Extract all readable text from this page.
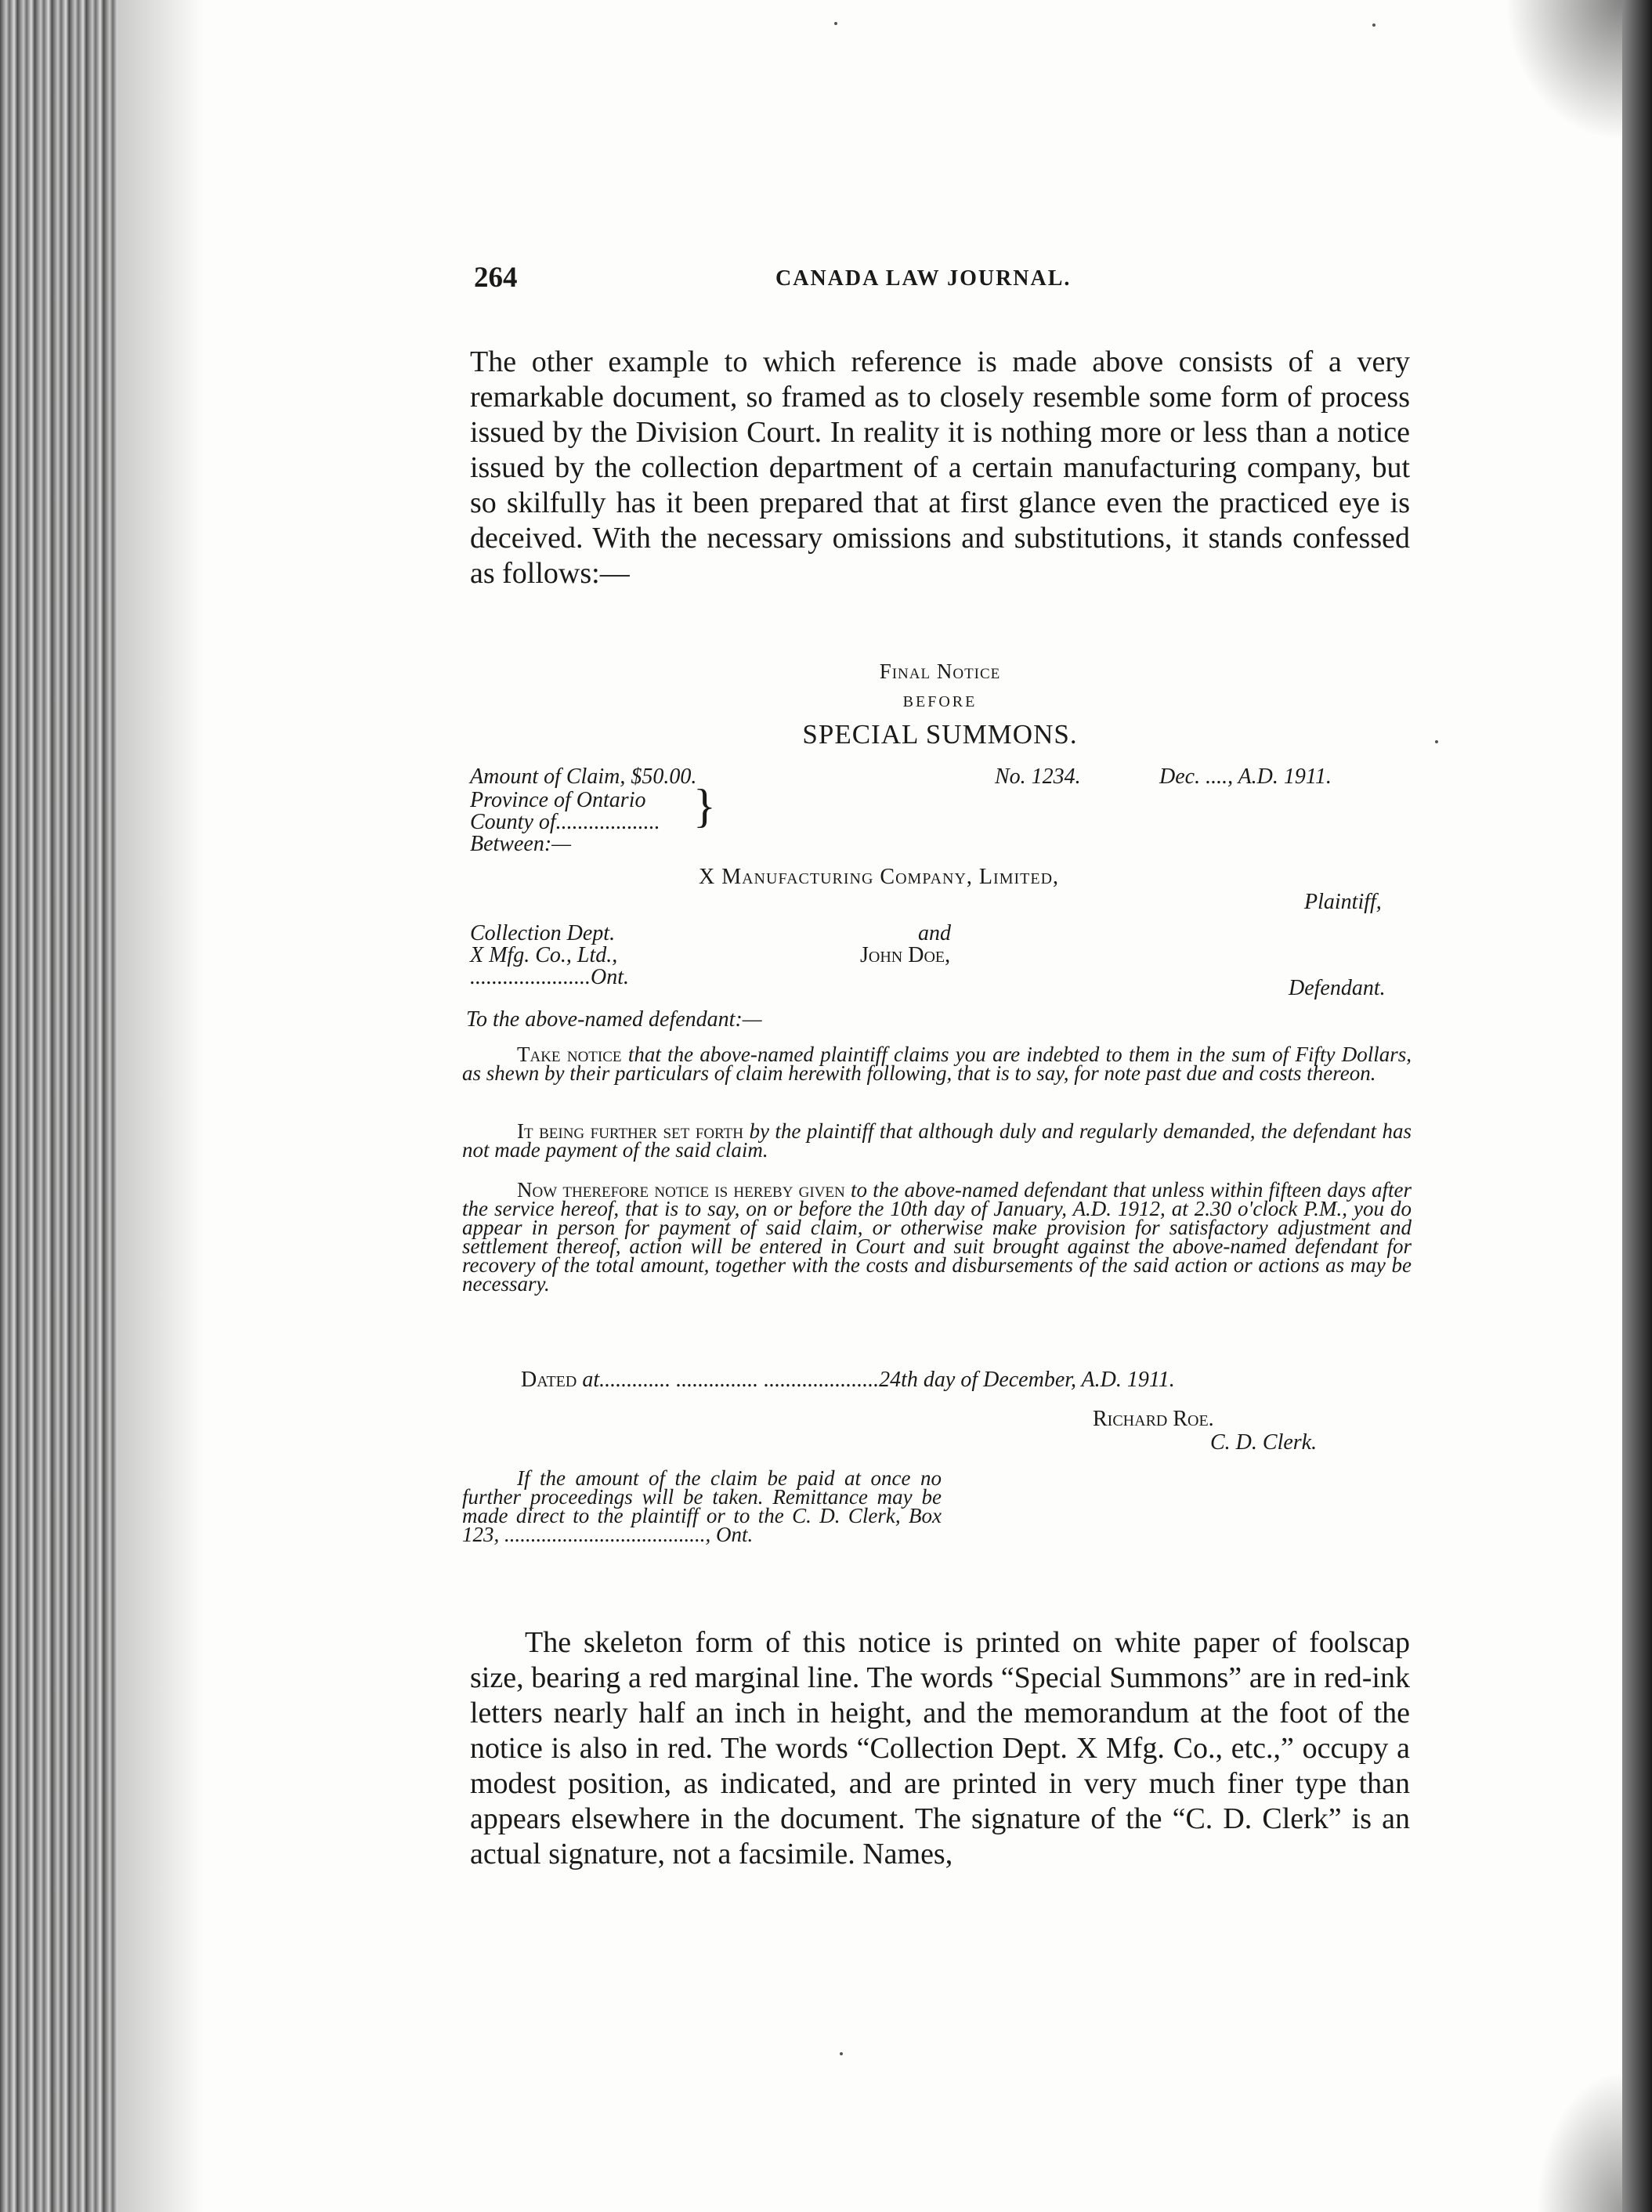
264	CANADA LAW JOURNAL.

The other example to which reference is made above consists of a very remarkable document, so framed as to closely resemble some form of process issued by the Division Court. In reality it is nothing more or less than a notice issued by the collection department of a certain manufacturing company, but so skilfully has it been prepared that at first glance even the practiced eye is deceived. With the necessary omissions and substitutions, it stands confessed as follows:—

Final Notice
BEFORE
SPECIAL SUMMONS.

Amount of Claim, $50.00.	No. 1234.	Dec. ...., A.D. 1911.

Province of Ontario

County of................... }

Between:—

X Manufacturing Company, Limited,

Plaintiff,

Collection Dept.	and

X Mfg. Co., Ltd.,	John Doe,

......................Ont.	Defendant.

To the above-named defendant:—

Take notice that the above-named plaintiff claims you are indebted to them in the sum of Fifty Dollars, as shewn by their particulars of claim herewith following, that is to say, for note past due and costs thereon.

It being further set forth by the plaintiff that although duly and regularly demanded, the defendant has not made payment of the said claim.

Now therefore notice is hereby given to the above-named defendant that unless within fifteen days after the service hereof, that is to say, on or before the 10th day of January, A.D. 1912, at 2.30 o'clock P.M., you do appear in person for payment of said claim, or otherwise make provision for satisfactory adjustment and settlement thereof, action will be entered in Court and suit brought against the above-named defendant for recovery of the total amount, together with the costs and disbursements of the said action or actions as may be necessary.

Dated at............. ............... .....................24th day of December, A.D. 1911.

Richard Roe.

C. D. Clerk.

If the amount of the claim be paid at once no further proceedings will be taken. Remittance may be made direct to the plaintiff or to the C. D. Clerk, Box 123, ......................................, Ont.

The skeleton form of this notice is printed on white paper of foolscap size, bearing a red marginal line. The words “Special Summons” are in red-ink letters nearly half an inch in height, and the memorandum at the foot of the notice is also in red. The words “Collection Dept. X Mfg. Co., etc.,” occupy a modest position, as indicated, and are printed in very much finer type than appears elsewhere in the document. The signature of the “C. D. Clerk” is an actual signature, not a facsimile. Names,
